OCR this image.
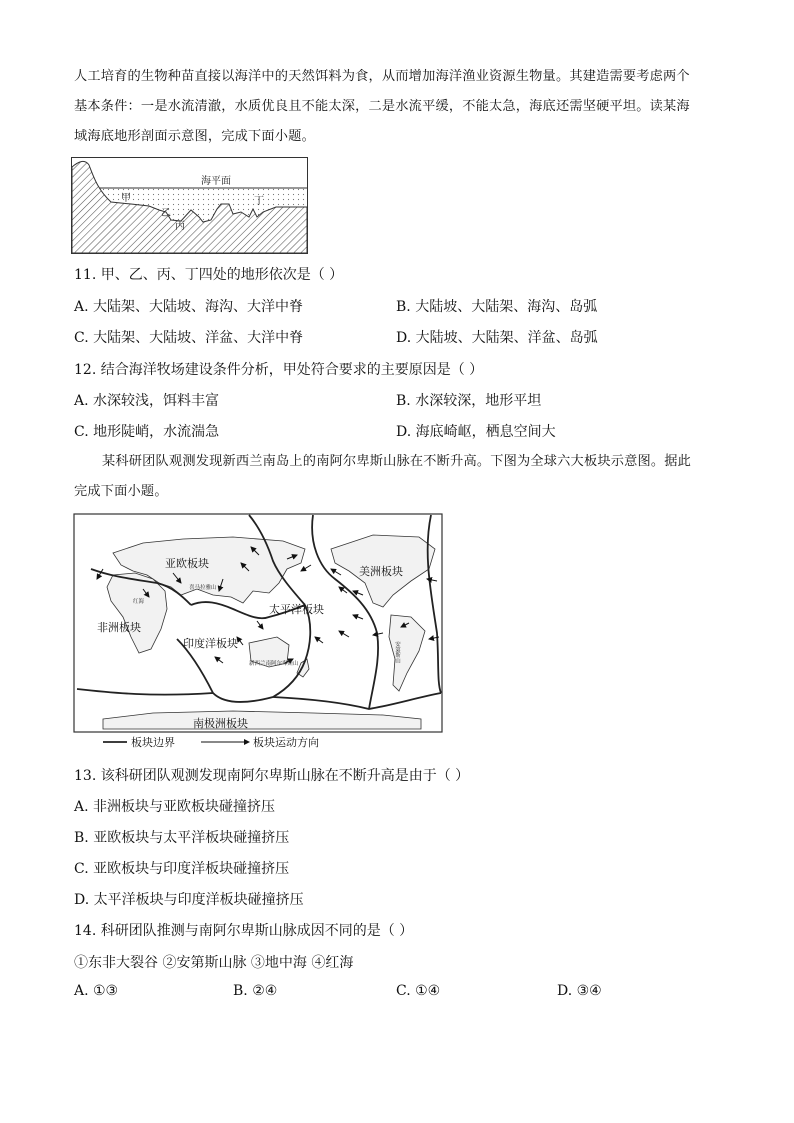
人工培育的生物种苗直接以海洋中的天然饵料为食，从而增加海洋渔业资源生物量。其建造需要考虑两个
基本条件：一是水流清澈，水质优良且不能太深，二是水流平缓，不能太急，海底还需坚硬平坦。读某海
域海底地形剖面示意图，完成下面小题。
海平面
甲
乙
丙
丁
11. 甲、乙、丙、丁四处的地形依次是（ ）
A. 大陆架、大陆坡、海沟、大洋中脊	B. 大陆坡、大陆架、海沟、岛弧
C. 大陆架、大陆坡、洋盆、大洋中脊	D. 大陆坡、大陆架、洋盆、岛弧
12. 结合海洋牧场建设条件分析，甲处符合要求的主要原因是（ ）
A. 水深较浅，饵料丰富	B. 水深较深，地形平坦
C. 地形陡峭，水流湍急	D. 海底崎岖，栖息空间大
某科研团队观测发现新西兰南岛上的南阿尔卑斯山脉在不断升高。下图为全球六大板块示意图。据此
完成下面小题。
亚欧板块
美洲板块
非洲板块
太平洋板块
印度洋板块
南极洲板块
喜马拉雅山
红海
新西兰南阿尔卑斯山
安第斯山
板块边界	板块运动方向
13. 该科研团队观测发现南阿尔卑斯山脉在不断升高是由于（ ）
A. 非洲板块与亚欧板块碰撞挤压
B. 亚欧板块与太平洋板块碰撞挤压
C. 亚欧板块与印度洋板块碰撞挤压
D. 太平洋板块与印度洋板块碰撞挤压
14. 科研团队推测与南阿尔卑斯山脉成因不同的是（ ）
①东非大裂谷 ②安第斯山脉 ③地中海 ④红海
A. ①③	B. ②④	C. ①④	D. ③④
